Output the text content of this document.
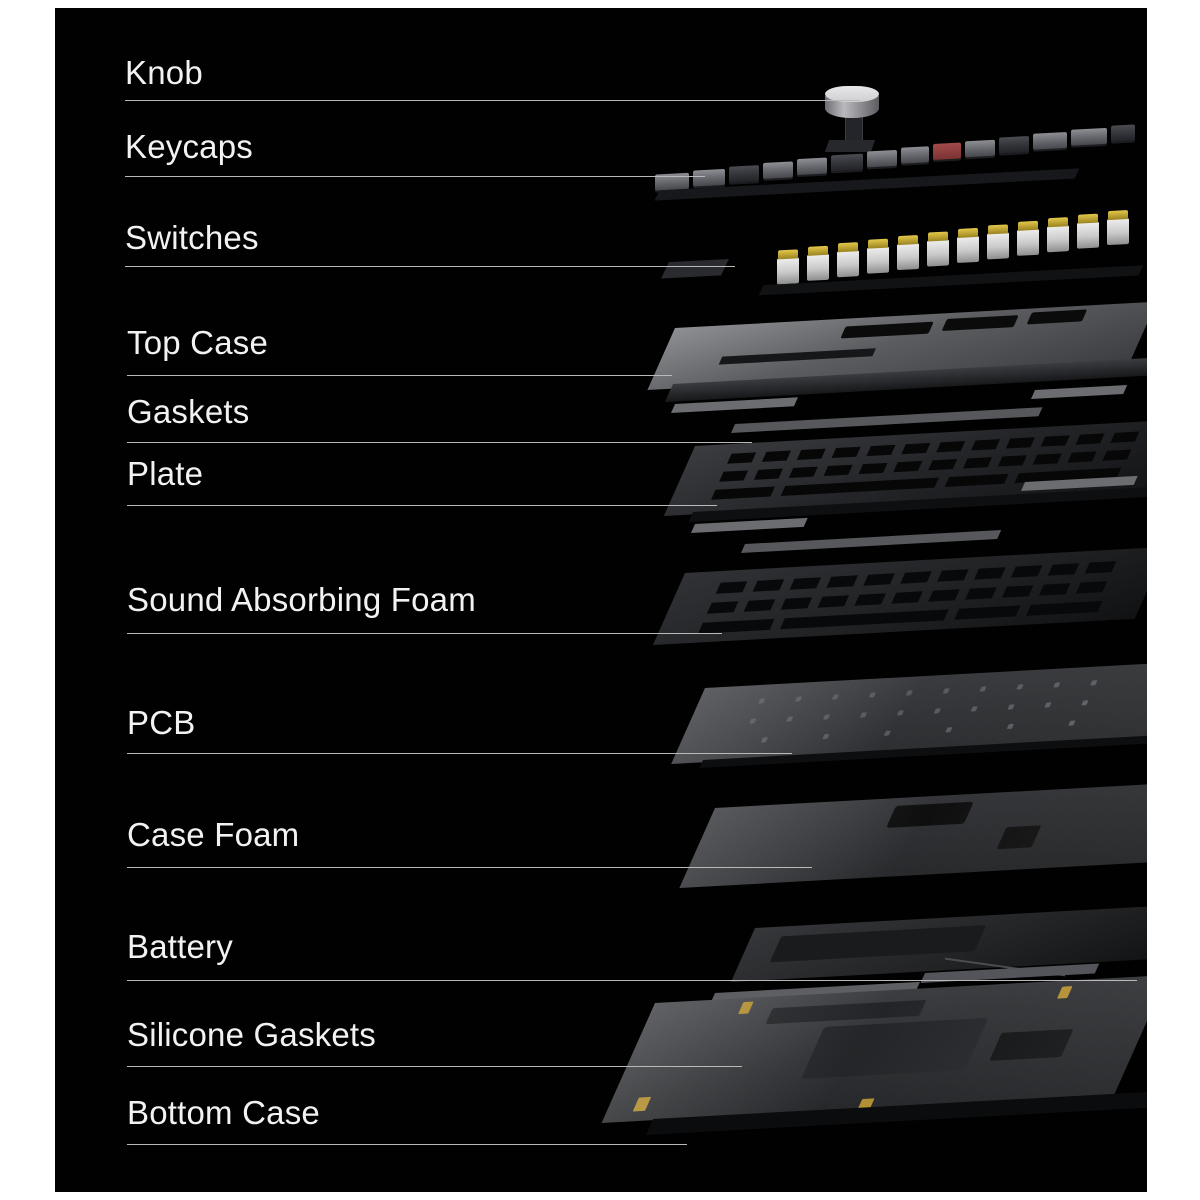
Knob
Keycaps
Switches
Top Case
Gaskets
Plate
Sound Absorbing Foam
PCB
Case Foam
Battery
Silicone Gaskets
Bottom Case
